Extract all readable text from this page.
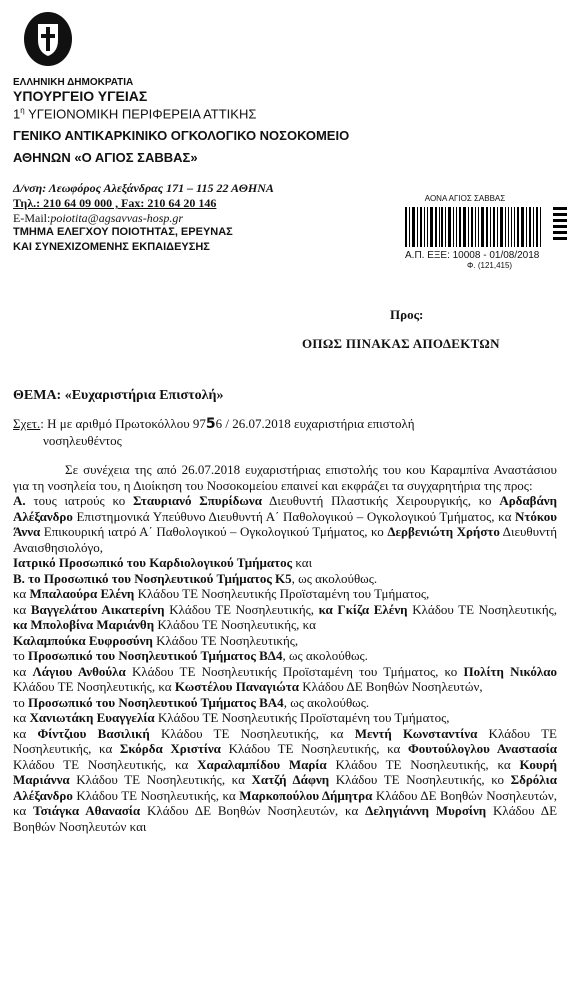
ΕΛΛΗΝΙΚΗ ΔΗΜΟΚΡΑΤΙΑ
ΥΠΟΥΡΓΕΙΟ ΥΓΕΙΑΣ
$1^\eta$ ΥΓΕΙΟΝΟΜΙΚΗ ΠΕΡΙΦΕΡΕΙΑ ΑΤΤΙΚΗΣ
ΓΕΝΙΚΟ ΑΝΤΙΚΑΡΚΙΝΙΚΟ ΟΓΚΟΛΟΓΙΚΟ ΝΟΣΟΚΟΜΕΙΟ
ΑΘΗΝΩΝ «Ο ΑΓΙΟΣ ΣΑΒΒΑΣ»
Δ/νση: Λεωφόρος Αλεξάνδρας 171 – 115 22 ΑΘΗΝΑ
Τηλ.: 210 64 09 000 , Fax: 210 64 20 146
E-Mail:poiotita@agsavvas-hosp.gr
ΤΜΗΜΑ ΕΛΕΓΧΟΥ ΠΟΙΟΤΗΤΑΣ, ΕΡΕΥΝΑΣ
ΚΑΙ ΣΥΝΕΧΙΖΟΜΕΝΗΣ ΕΚΠΑΙΔΕΥΣΗΣ
ΑΟΝΑ ΑΓΙΟΣ ΣΑΒΒΑΣ
Α.Π. ΕΞΕ: 10008 - 01/08/2018
Φ. (121,415)
Προς:
ΟΠΩΣ ΠΙΝΑΚΑΣ ΑΠΟΔΕΚΤΩΝ
ΘΕΜΑ: «Ευχαριστήρια Επιστολή»
Σχετ.: Η με αριθμό Πρωτοκόλλου 9756 / 26.07.2018 ευχαριστήρια επιστολή
νοσηλευθέντος

Σε συνέχεια της από 26.07.2018 ευχαριστήριας επιστολής του κου Καραμπίνα Αναστάσιου για τη νοσηλεία του, η Διοίκηση του Νοσοκομείου επαινεί και εκφράζει τα συγχαρητήρια της προς:

Α. τους ιατρούς κο Σταυριανό Σπυρίδωνα Διευθυντή Πλαστικής Χειρουργικής, κο Αρδαβάνη Αλέξανδρο Επιστημονικά Υπεύθυνο Διευθυντή Α΄ Παθολογικού – Ογκολογικού Τμήματος, κα Ντόκου Άννα Επικουρική ιατρό Α΄ Παθολογικού – Ογκολογικού Τμήματος, κο Δερβενιώτη Χρήστο Διευθυντή Αναισθησιολόγο,
Ιατρικό Προσωπικό του Καρδιολογικού Τμήματος και

Β. το Προσωπικό του Νοσηλευτικού Τμήματος Κ5, ως ακολούθως.

κα Μπαλαούρα Ελένη Κλάδου ΤΕ Νοσηλευτικής Προϊσταμένη του Τμήματος,
κα Βαγγελάτου Αικατερίνη Κλάδου ΤΕ Νοσηλευτικής, κα Γκίζα Ελένη Κλάδου ΤΕ Νοσηλευτικής, κα Μπολοβίνα Μαριάνθη Κλάδου ΤΕ Νοσηλευτικής, κα
Καλαμπούκα Ευφροσύνη Κλάδου ΤΕ Νοσηλευτικής,

το Προσωπικό του Νοσηλευτικού Τμήματος ΒΔ4, ως ακολούθως.
κα Λάγιου Ανθούλα Κλάδου ΤΕ Νοσηλευτικής Προϊσταμένη του Τμήματος, κο Πολίτη Νικόλαο Κλάδου ΤΕ Νοσηλευτικής, κα Κωστέλου Παναγιώτα Κλάδου ΔΕ Βοηθών Νοσηλευτών,

το Προσωπικό του Νοσηλευτικού Τμήματος ΒΑ4, ως ακολούθως.
κα Χανιωτάκη Ευαγγελία Κλάδου ΤΕ Νοσηλευτικής Προϊσταμένη του Τμήματος,
κα Φίντζιου Βασιλική Κλάδου ΤΕ Νοσηλευτικής, κα Μεντή Κωνσταντίνα Κλάδου ΤΕ Νοσηλευτικής, κα Σκόρδα Χριστίνα Κλάδου ΤΕ Νοσηλευτικής, κα Φουτούλογλου Αναστασία Κλάδου ΤΕ Νοσηλευτικής, κα Χαραλαμπίδου Μαρία Κλάδου ΤΕ Νοσηλευτικής, κα Κουρή Μαριάννα Κλάδου ΤΕ Νοσηλευτικής, κα Χατζή Δάφνη Κλάδου ΤΕ Νοσηλευτικής, κο Σδρόλια Αλέξανδρο Κλάδου ΤΕ Νοσηλευτικής, κα Μαρκοπούλου Δήμητρα Κλάδου ΔΕ Βοηθών Νοσηλευτών, κα Τσιάγκα Αθανασία Κλάδου ΔΕ Βοηθών Νοσηλευτών, κα Δεληγιάννη Μυρσίνη Κλάδου ΔΕ Βοηθών Νοσηλευτών και
